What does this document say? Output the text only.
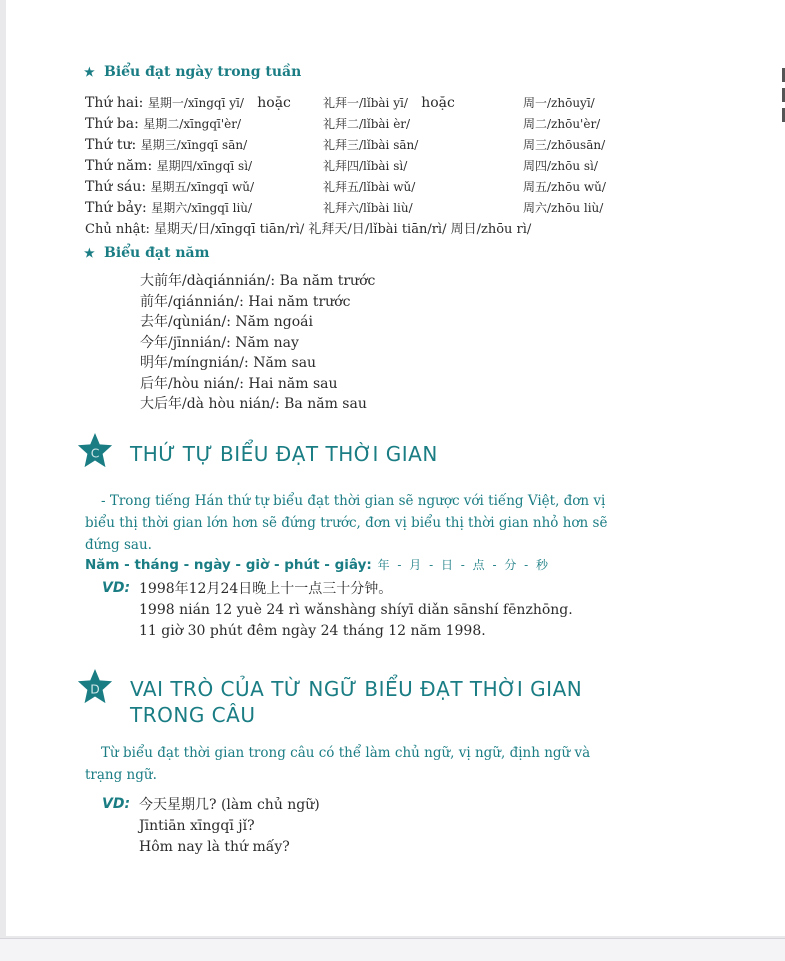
★ Biểu đạt ngày trong tuần
Thứ hai: 星期一/xīngqī yī/ hoặc	礼拜一/lǐbài yī/ hoặc	周一/zhōuyī/
Thứ ba: 星期二/xīngqī'èr/	礼拜二/lǐbài èr/	周二/zhōu'èr/
Thứ tư: 星期三/xīngqī sān/	礼拜三/lǐbài sān/	周三/zhōusān/
Thứ năm: 星期四/xīngqī sì/	礼拜四/lǐbài sì/	周四/zhōu sì/
Thứ sáu: 星期五/xīngqī wǔ/	礼拜五/lǐbài wǔ/	周五/zhōu wǔ/
Thứ bảy: 星期六/xīngqī liù/	礼拜六/lǐbài liù/	周六/zhōu liù/
Chủ nhật: 星期天/日/xīngqī tiān/rì/ 礼拜天/日/lǐbài tiān/rì/ 周日/zhōu rì/
★ Biểu đạt năm
大前年/dàqiánnián/: Ba năm trước
前年/qiánnián/: Hai năm trước
去年/qùnián/: Năm ngoái
今年/jīnnián/: Năm nay
明年/míngnián/: Năm sau
后年/hòu nián/: Hai năm sau
大后年/dà hòu nián/: Ba năm sau
C THỨ TỰ BIỂU ĐẠT THỜI GIAN
- Trong tiếng Hán thứ tự biểu đạt thời gian sẽ ngược với tiếng Việt, đơn vị biểu thị thời gian lớn hơn sẽ đứng trước, đơn vị biểu thị thời gian nhỏ hơn sẽ đứng sau.
Năm - tháng - ngày - giờ - phút - giây: 年 - 月 - 日 - 点 - 分 - 秒
VD: 1998年12月24日晚上十一点三十分钟。
1998 nián 12 yuè 24 rì wǎnshàng shíyī diǎn sānshí fēnzhōng.
11 giờ 30 phút đêm ngày 24 tháng 12 năm 1998.
D VAI TRÒ CỦA TỪ NGỮ BIỂU ĐẠT THỜI GIAN
TRONG CÂU
Từ biểu đạt thời gian trong câu có thể làm chủ ngữ, vị ngữ, định ngữ và trạng ngữ.
VD: 今天星期几? (làm chủ ngữ)
Jīntiān xīngqī jǐ?
Hôm nay là thứ mấy?
